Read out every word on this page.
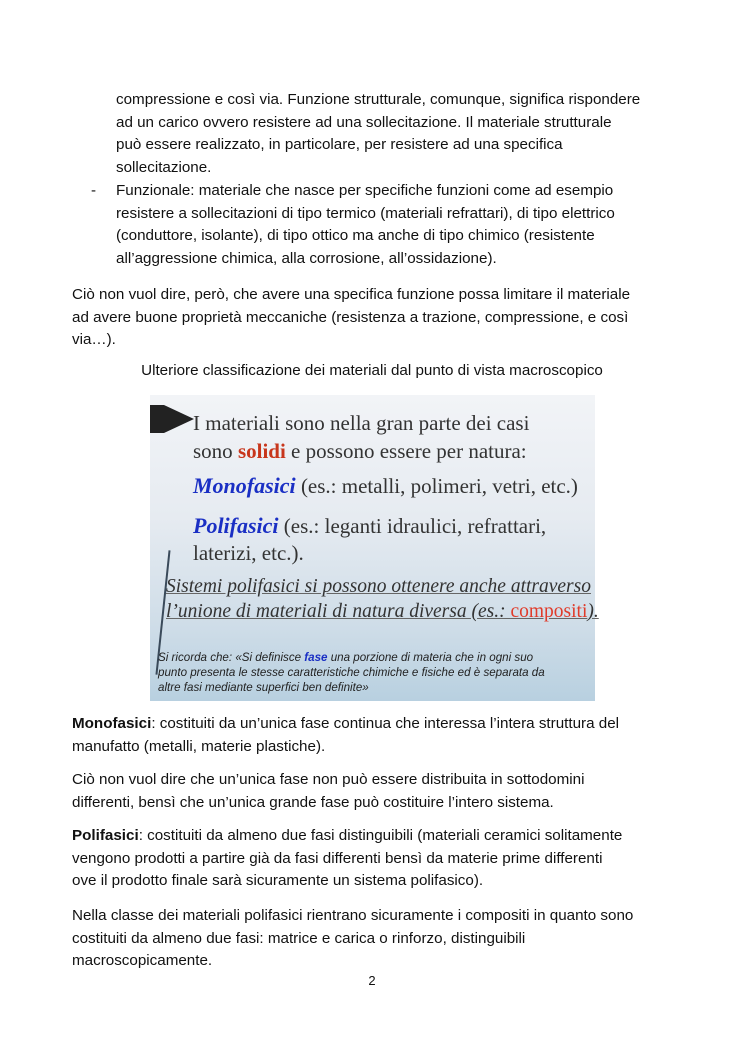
compressione e così via. Funzione strutturale, comunque, significa rispondere
ad un carico ovvero resistere ad una sollecitazione. Il materiale strutturale
può essere realizzato, in particolare, per resistere ad una specifica
sollecitazione.
- Funzionale: materiale che nasce per specifiche funzioni come ad esempio
resistere a sollecitazioni di tipo termico (materiali refrattari), di tipo elettrico
(conduttore, isolante), di tipo ottico ma anche di tipo chimico (resistente
all’aggressione chimica, alla corrosione, all’ossidazione).
Ciò non vuol dire, però, che avere una specifica funzione possa limitare il materiale
ad avere buone proprietà meccaniche (resistenza a trazione, compressione, e così
via…).
Ulteriore classificazione dei materiali dal punto di vista macroscopico
I materiali sono nella gran parte dei casi
sono solidi e possono essere per natura:
Monofasici (es.: metalli, polimeri, vetri, etc.)
Polifasici (es.: leganti idraulici, refrattari,
laterizi, etc.).
Sistemi polifasici si possono ottenere anche attraverso
l’unione di materiali di natura diversa (es.: compositi).
Si ricorda che: «Si definisce fase una porzione di materia che in ogni suo
punto presenta le stesse caratteristiche chimiche e fisiche ed è separata da
altre fasi mediante superfici ben definite»
Monofasici: costituiti da un’unica fase continua che interessa l’intera struttura del
manufatto (metalli, materie plastiche).
Ciò non vuol dire che un’unica fase non può essere distribuita in sottodomini
differenti, bensì che un’unica grande fase può costituire l’intero sistema.
Polifasici: costituiti da almeno due fasi distinguibili (materiali ceramici solitamente
vengono prodotti a partire già da fasi differenti bensì da materie prime differenti
ove il prodotto finale sarà sicuramente un sistema polifasico).
Nella classe dei materiali polifasici rientrano sicuramente i compositi in quanto sono
costituiti da almeno due fasi: matrice e carica o rinforzo, distinguibili
macroscopicamente.
2
